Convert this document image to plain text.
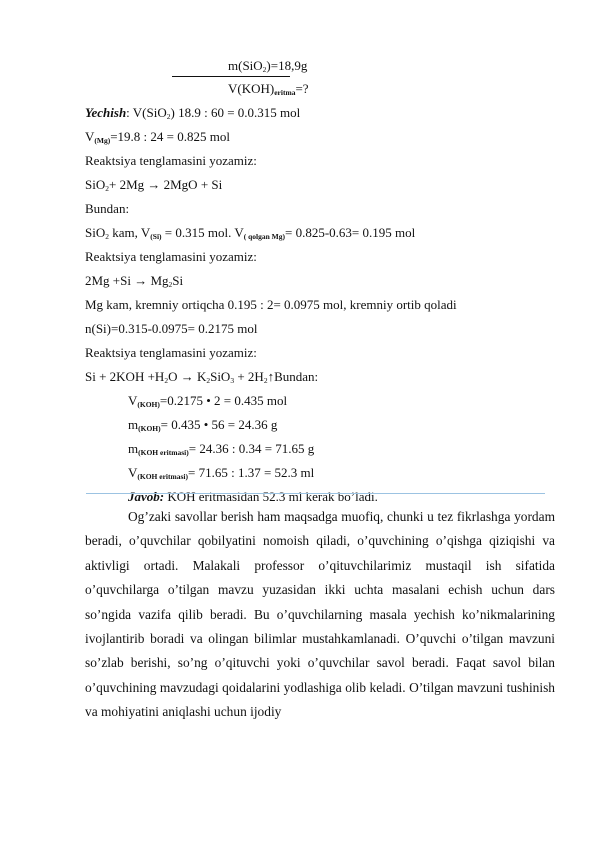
m(SiO$_2$)=18,9g
$V(KOH)_{eritma}=$?
Yechish: V(SiO$_2$) 18.9 : 60 = 0.0.315 mol
$V_{(Mg)}=19.8$ : 24 = 0.825 mol
Reaktsiya tenglamasini yozamiz:
SiO$_2$+ 2Mg → 2MgO + Si
Bundan:
SiO$_2$ kam, $V_{(Si)} = 0.315$ mol. $V_{( qolgan Mg)}= 0.825-0.63= 0.195$ mol
Reaktsiya tenglamasini yozamiz:
$2Mg +Si \to Mg_2Si$
Mg kam, kremniy ortiqcha 0.195 : 2= 0.0975 mol, kremniy ortib qoladi
n(Si)=0.315-0.0975= 0.2175 mol
Reaktsiya tenglamasini yozamiz:
$Si + 2KOH +H_2O \to K_2SiO_3$ + $2H_2↑Bundan$:
$V_{(KOH)}=0.2175$ • 2 = 0.435 mol
$m_{(KOH)}= 0.435$ • 56 = 24.36 g
$m_{(KOH eritmasi)}= 24.36$ : 0.34 = 71.65 g
$V_{(KOH eritmasi)}= 71.65$ : 1.37 = 52.3 ml
Javob: KOH eritmasidan 52.3 ml kerak bo’ladi.
Og’zaki savollar berish ham maqsadga muofiq, chunki u tez fikrlashga yordam beradi, o’quvchilar qobilyatini nomoish qiladi, o’quvchining o’qishga qiziqishi va aktivligi ortadi. Malakali professor o’qituvchilarimiz mustaqil ish sifatida o’quvchilarga o’tilgan mavzu yuzasidan ikki uchta masalani echish uchun dars so’ngida vazifa qilib beradi. Bu o’quvchilarning masala yechish ko’nikmalarining ivojlantirib boradi va olingan bilimlar mustahkamlanadi. O’quvchi o’tilgan mavzuni so’zlab berishi, so’ng o’qituvchi yoki o’quvchilar savol beradi. Faqat savol bilan o’quvchining mavzudagi qoidalarini yodlashiga olib keladi. O’tilgan mavzuni tushinish va mohiyatini aniqlashi uchun ijodiy
